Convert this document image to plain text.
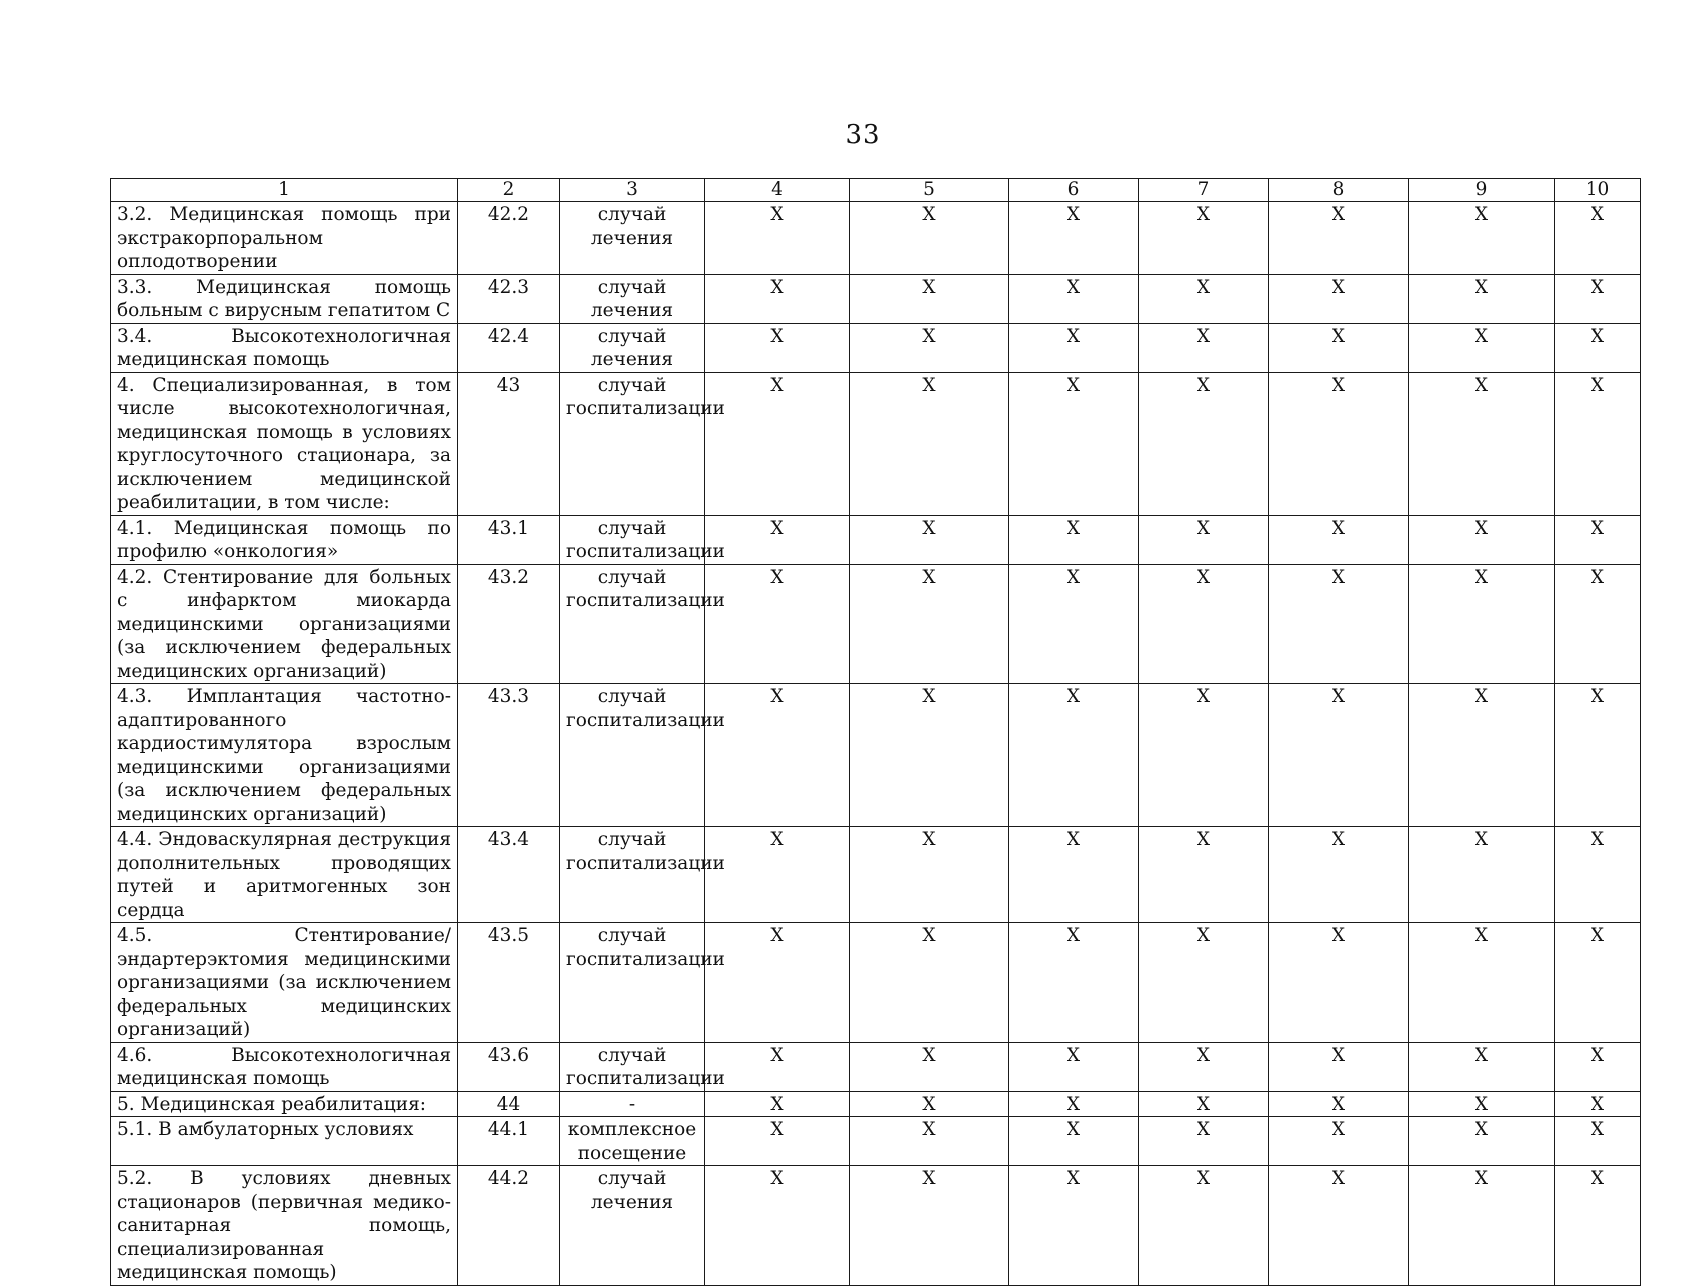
33
1	2	3	4	5	6	7	8	9	10
3.2. Медицинская помощь при экстракорпоральном оплодотворении	42.2	случай лечения	X	X	X	X	X	X	X
3.3. Медицинская помощь больным с вирусным гепатитом С	42.3	случай лечения	X	X	X	X	X	X	X
3.4. Высокотехнологичная медицинская помощь	42.4	случай лечения	X	X	X	X	X	X	X
4. Специализированная, в том числе высокотехнологичная, медицинская помощь в условиях круглосуточного стационара, за исключением медицинской реабилитации, в том числе:	43	случай госпитализации	X	X	X	X	X	X	X
4.1. Медицинская помощь по профилю «онкология»	43.1	случай госпитализации	X	X	X	X	X	X	X
4.2. Стентирование для больных с инфарктом миокарда медицинскими организациями (за исключением федеральных медицинских организаций)	43.2	случай госпитализации	X	X	X	X	X	X	X
4.3. Имплантация частотно-адаптированного кардиостимулятора взрослым медицинскими организациями (за исключением федеральных медицинских организаций)	43.3	случай госпитализации	X	X	X	X	X	X	X
4.4. Эндоваскулярная деструкция дополнительных проводящих путей и аритмогенных зон сердца	43.4	случай госпитализации	X	X	X	X	X	X	X
4.5. Стентирование/эндартерэктомия медицинскими организациями (за исключением федеральных медицинских организаций)	43.5	случай госпитализации	X	X	X	X	X	X	X
4.6. Высокотехнологичная медицинская помощь	43.6	случай госпитализации	X	X	X	X	X	X	X
5. Медицинская реабилитация:	44	-	X	X	X	X	X	X	X
5.1. В амбулаторных условиях	44.1	комплексное посещение	X	X	X	X	X	X	X
5.2. В условиях дневных стационаров (первичная медико-санитарная помощь, специализированная медицинская помощь)	44.2	случай лечения	X	X	X	X	X	X	X
